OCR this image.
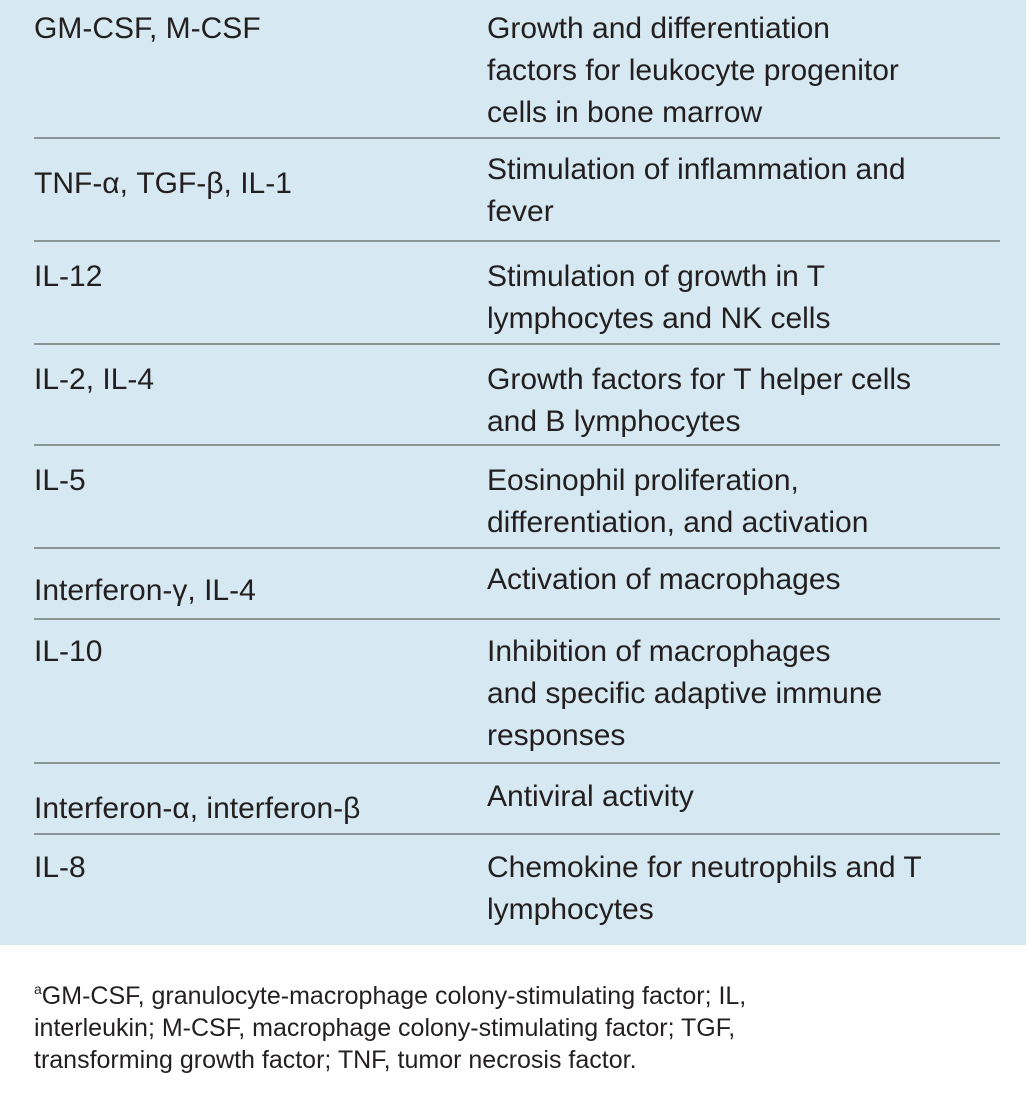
GM-CSF, M-CSF	Growth and differentiation
factors for leukocyte progenitor
cells in bone marrow
TNF-α, TGF-β, IL-1	Stimulation of inflammation and
fever
IL-12	Stimulation of growth in T
lymphocytes and NK cells
IL-2, IL-4	Growth factors for T helper cells
and B lymphocytes
IL-5	Eosinophil proliferation,
differentiation, and activation
Interferon-γ, IL-4	Activation of macrophages
IL-10	Inhibition of macrophages
and specific adaptive immune
responses
Interferon-α, interferon-β	Antiviral activity
IL-8	Chemokine for neutrophils and T
lymphocytes
$^a$GM-CSF, granulocyte-macrophage colony-stimulating factor; IL,
interleukin; M-CSF, macrophage colony-stimulating factor; TGF,
transforming growth factor; TNF, tumor necrosis factor.
